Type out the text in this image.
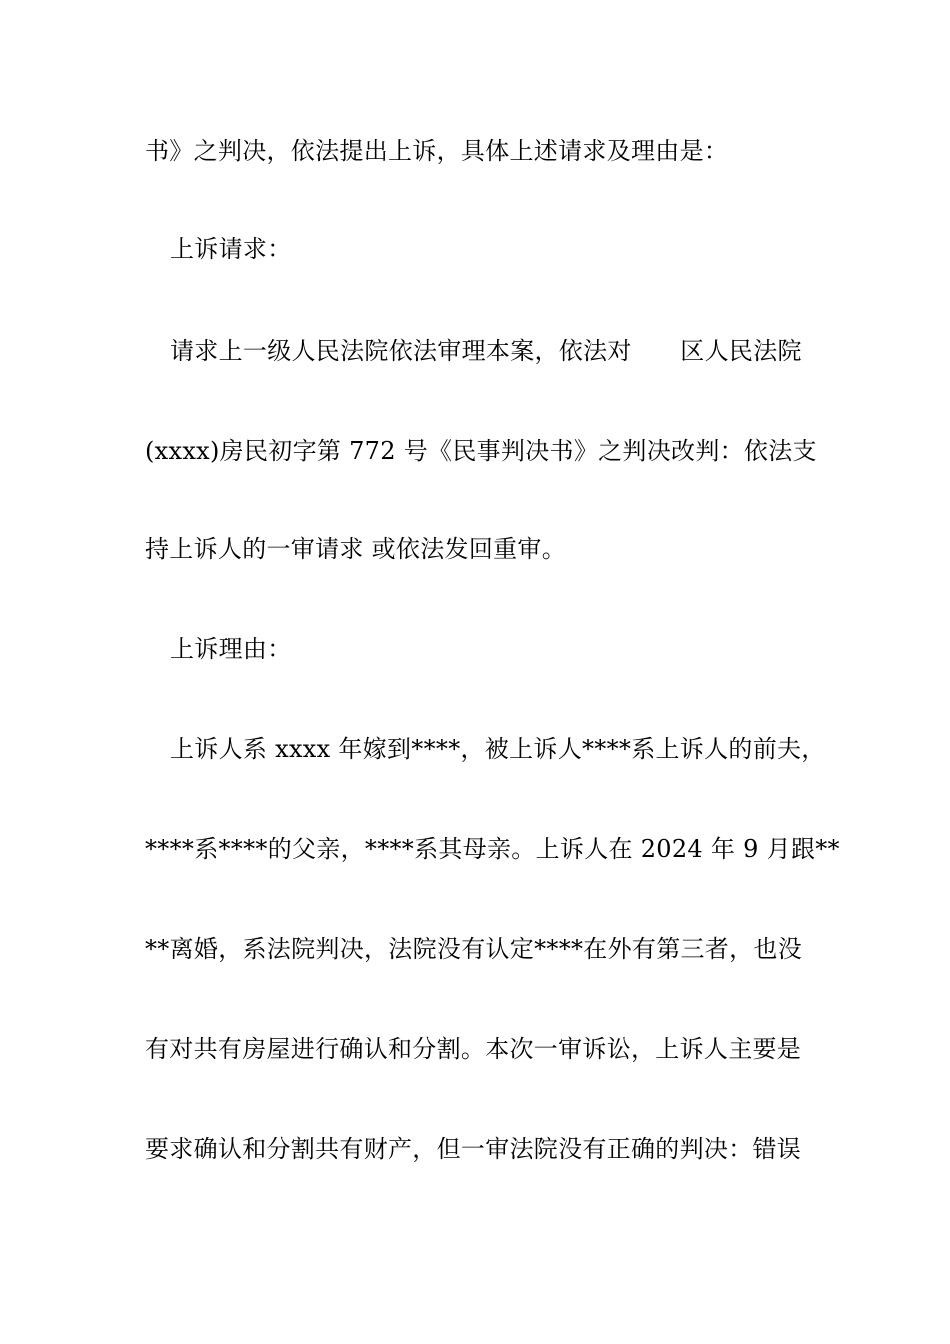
书》之判决，依法提出上诉，具体上述请求及理由是：
上诉请求：
请求上一级人民法院依法审理本案，依法对　　区人民法院
(xxxx)房民初字第 772 号《民事判决书》之判决改判：依法支
持上诉人的一审请求 或依法发回重审。
上诉理由：
上诉人系 xxxx 年嫁到****，被上诉人****系上诉人的前夫，
****系****的父亲，****系其母亲。上诉人在 2024 年 9 月跟**
**离婚，系法院判决，法院没有认定****在外有第三者，也没
有对共有房屋进行确认和分割。本次一审诉讼，上诉人主要是
要求确认和分割共有财产，但一审法院没有正确的判决：错误
